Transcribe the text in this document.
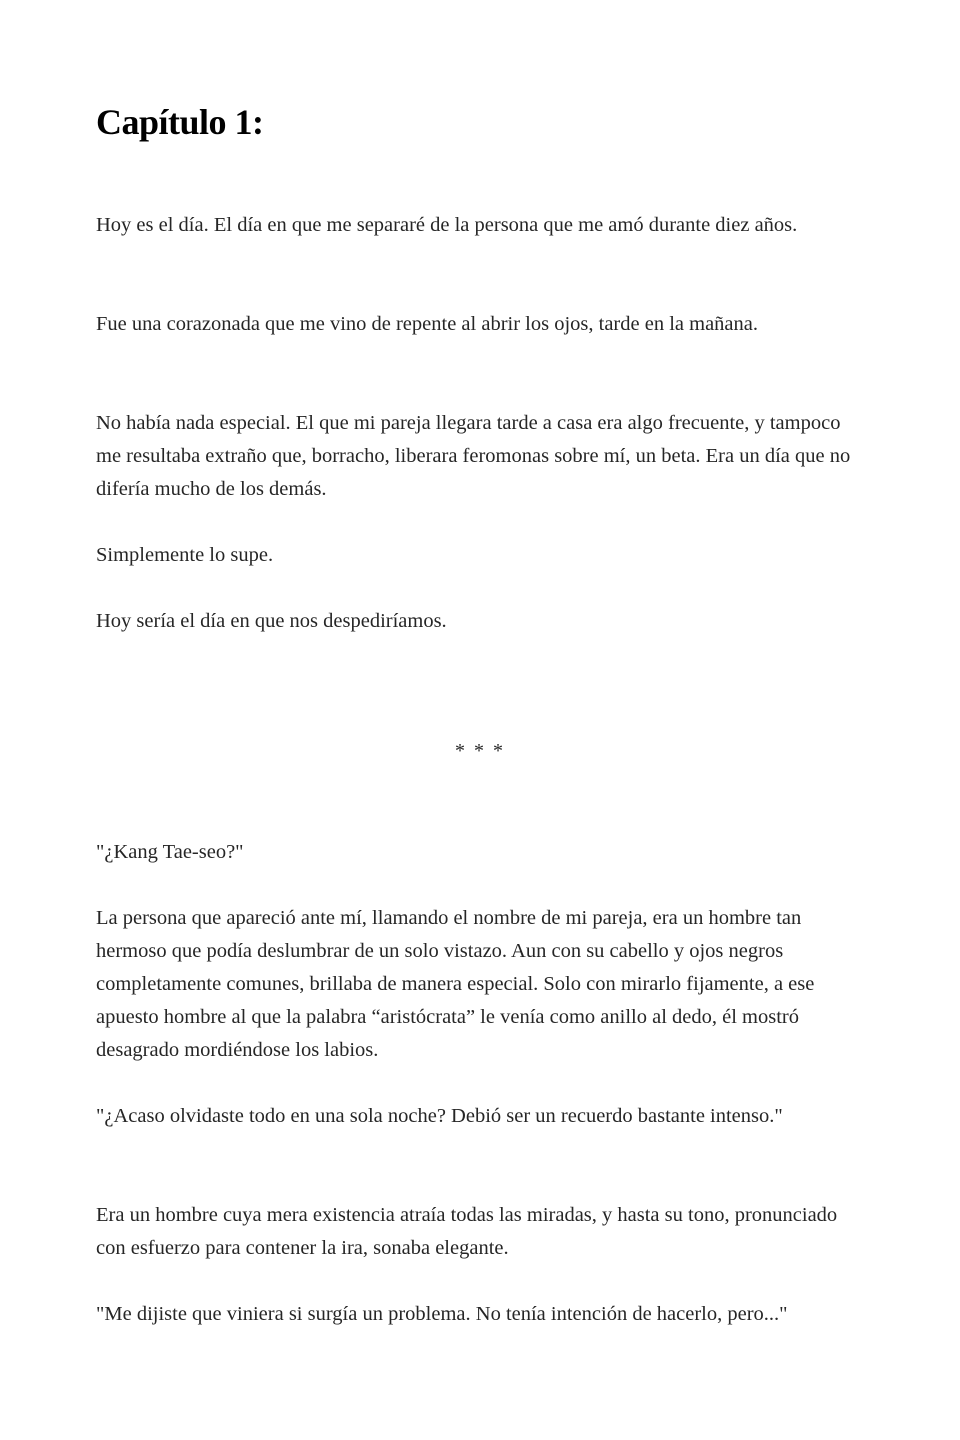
Capítulo 1:

Hoy es el día. El día en que me separaré de la persona que me amó durante diez años.

Fue una corazonada que me vino de repente al abrir los ojos, tarde en la mañana.

No había nada especial. El que mi pareja llegara tarde a casa era algo frecuente, y tampoco me resultaba extraño que, borracho, liberara feromonas sobre mí, un beta. Era un día que no difería mucho de los demás.

Simplemente lo supe.

Hoy sería el día en que nos despediríamos.

* * *

"¿Kang Tae-seo?"

La persona que apareció ante mí, llamando el nombre de mi pareja, era un hombre tan hermoso que podía deslumbrar de un solo vistazo. Aun con su cabello y ojos negros completamente comunes, brillaba de manera especial. Solo con mirarlo fijamente, a ese apuesto hombre al que la palabra “aristócrata” le venía como anillo al dedo, él mostró desagrado mordiéndose los labios.

"¿Acaso olvidaste todo en una sola noche? Debió ser un recuerdo bastante intenso."

Era un hombre cuya mera existencia atraía todas las miradas, y hasta su tono, pronunciado con esfuerzo para contener la ira, sonaba elegante.

"Me dijiste que viniera si surgía un problema. No tenía intención de hacerlo, pero..."
